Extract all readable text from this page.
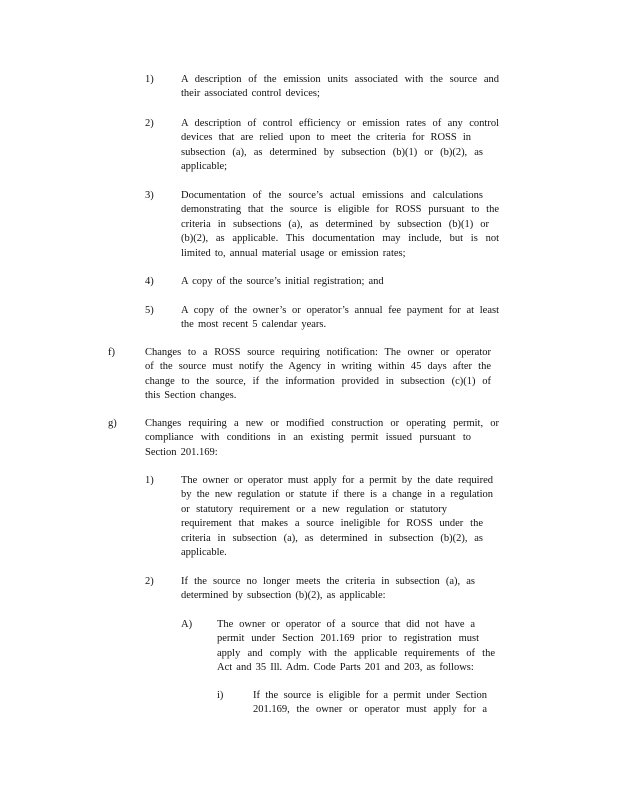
1)	A description of the emission units associated with the source and
their associated control devices;
2)	A description of control efficiency or emission rates of any control
devices that are relied upon to meet the criteria for ROSS in
subsection (a), as determined by subsection (b)(1) or (b)(2), as
applicable;
3)	Documentation of the source’s actual emissions and calculations
demonstrating that the source is eligible for ROSS pursuant to the
criteria in subsections (a), as determined by subsection (b)(1) or
(b)(2), as applicable. This documentation may include, but is not
limited to, annual material usage or emission rates;
4)	A copy of the source’s initial registration; and
5)	A copy of the owner’s or operator’s annual fee payment for at least
the most recent 5 calendar years.
f)	Changes to a ROSS source requiring notification: The owner or operator
of the source must notify the Agency in writing within 45 days after the
change to the source, if the information provided in subsection (c)(1) of
this Section changes.
g)	Changes requiring a new or modified construction or operating permit, or
compliance with conditions in an existing permit issued pursuant to
Section 201.169:
1)	The owner or operator must apply for a permit by the date required
by the new regulation or statute if there is a change in a regulation
or statutory requirement or a new regulation or statutory
requirement that makes a source ineligible for ROSS under the
criteria in subsection (a), as determined in subsection (b)(2), as
applicable.
2)	If the source no longer meets the criteria in subsection (a), as
determined by subsection (b)(2), as applicable:
A) The owner or operator of a source that did not have a
permit under Section 201.169 prior to registration must
apply and comply with the applicable requirements of the
Act and 35 Ill. Adm. Code Parts 201 and 203, as follows:
i)	If the source is eligible for a permit under Section
201.169, the owner or operator must apply for a
